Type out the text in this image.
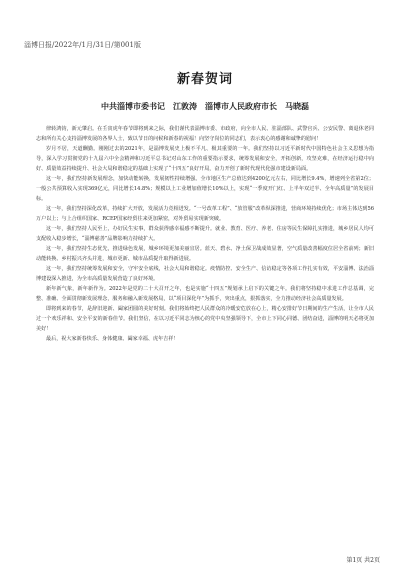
淄博日报/2022年/1月/31日/第001版
新春贺词
中共淄博市委书记　江敦涛　淄博市人民政府市长　马晓磊

律转鸿钧，新元肇启。在壬寅虎年春节即将到来之际，我们谨代表淄博市委、市政府，向全市人民、驻淄部队、武警官兵、公安民警、离退休老同志和所有关心支持淄博发展的各界人士，致以节日的问候和新春的祝福！向坚守岗位的同志们，表示衷心的感谢和诚挚的慰问！

岁月不居，天道酬勤。刚刚过去的2021年，是淄博发展史上极不平凡、极其重要的一年。我们坚持以习近平新时代中国特色社会主义思想为指导，深入学习贯彻党的十九届六中全会精神和习近平总书记对山东工作的重要指示要求，统筹发展和安全，开拓创新，攻坚克难，在经济运行稳中向好、质量效益持续提升、社会大局和谐稳定的基础上实现了“十四五”良好开局，奋力开创了新时代现代化强市建设新局面。

这一年，我们坚持新发展理念，加快动能转换，发展韧性持续增强。全市地区生产总值达到4200亿元左右，同比增长9.4%，增速列全省第2位；一般公共预算收入实现369亿元，同比增长14.8%；规模以上工业增加值增长10%以上，实现“一季度开门红、上半年双过半、全年高质量”的发展目标。

这一年，我们坚持深化改革，持续扩大开放，发展活力竞相迸发。“一号改革工程”、“放管服”改革纵深推进，营商环境持续优化；市场主体达到56万户以上；与上合组织国家、RCEP国家经贸往来更加紧密，对外贸易实现新突破。

这一年，我们坚持人民至上，办好民生实事，群众获得感幸福感不断提升。就业、教育、医疗、养老、住房等民生保障扎实推进，城乡居民人均可支配收入稳步增长，“淄博慈善”品牌影响力持续扩大。

这一年，我们坚持生态优先，推进绿色发展，城乡环境更加美丽宜居。蓝天、碧水、净土保卫战成效显著，空气质量改善幅度位居全省前列；新旧动能转换、乡村振兴齐头并进，城市更新、城市品质提升取得新进展。

这一年，我们坚持统筹发展和安全，守牢安全底线，社会大局和谐稳定。疫情防控、安全生产、信访稳定等各项工作扎实有效，平安淄博、法治淄博建设深入推进，为全市高质量发展营造了良好环境。

新年新气象，新年新作为。2022年是党的二十大召开之年，也是实施“十四五”规划承上启下的关键之年。我们将坚持稳中求进工作总基调，完整、准确、全面贯彻新发展理念，服务和融入新发展格局，以“项目深化年”为抓手，突出重点，狠抓落实，全力推动经济社会高质量发展。

即将到来的春节，是辞旧迎新、阖家团圆的美好时刻。我们将始终把人民群众的冷暖安危放在心上，精心安排好节日期间的生产生活，让全市人民过一个欢乐祥和、安全平安的新春佳节。我们坚信，在以习近平同志为核心的党中央坚强领导下，全市上下同心同德、团结奋进，淄博的明天必将更加美好！

最后，祝大家新春快乐、身体健康、阖家幸福、虎年吉祥！

第1页 共2页
